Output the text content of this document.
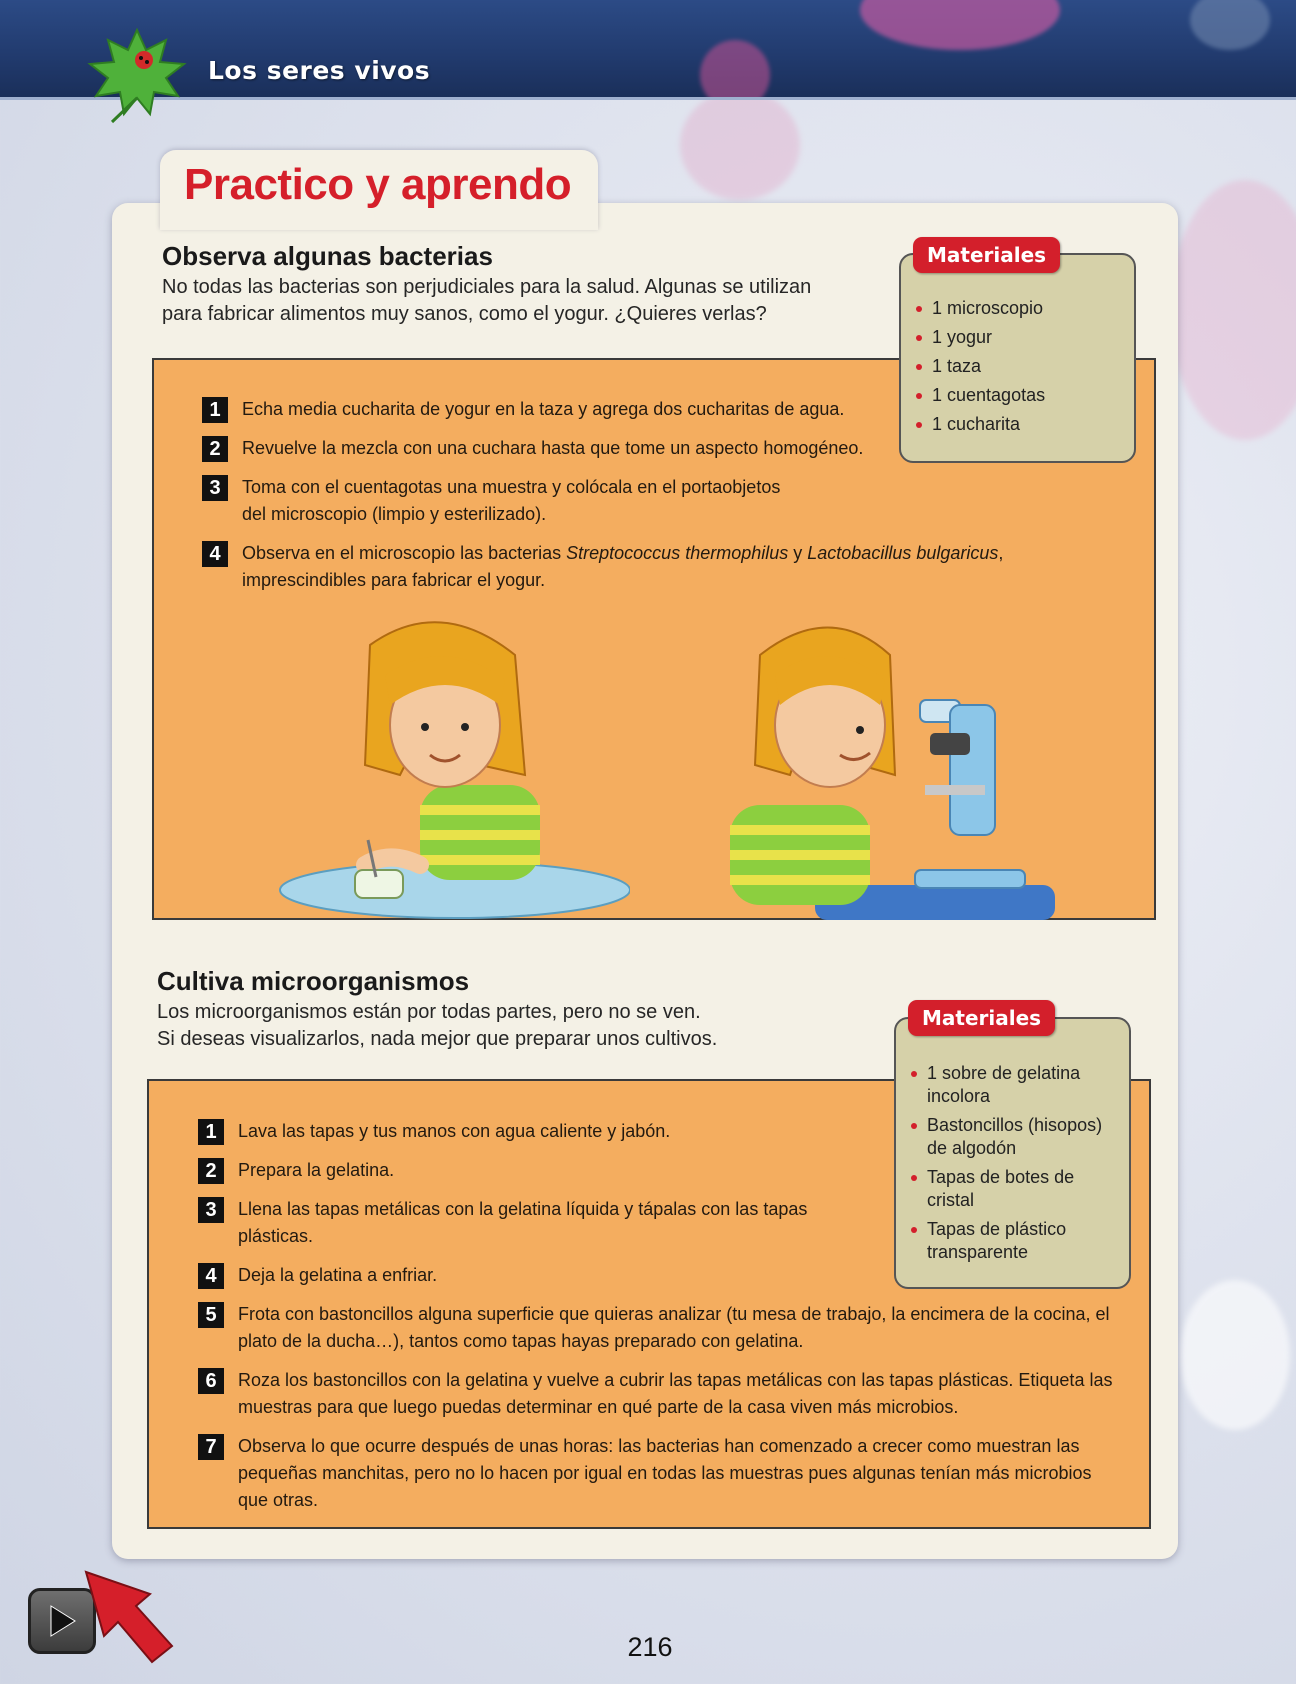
Los seres vivos
Practico y aprendo
Observa algunas bacterias
No todas las bacterias son perjudiciales para la salud. Algunas se utilizan
para fabricar alimentos muy sanos, como el yogur. ¿Quieres verlas?
1	Echa media cucharita de yogur en la taza y agrega dos cucharitas de agua.
2	Revuelve la mezcla con una cuchara hasta que tome un aspecto homogéneo.
3	Toma con el cuentagotas una muestra y colócala en el portaobjetos del microscopio (limpio y esterilizado).
4	Observa en el microscopio las bacterias Streptococcus thermophilus y Lactobacillus bulgaricus, imprescindibles para fabricar el yogur.
Materiales
1 microscopio
1 yogur
1 taza
1 cuentagotas
1 cucharita
Cultiva microorganismos
Los microorganismos están por todas partes, pero no se ven.
Si deseas visualizarlos, nada mejor que preparar unos cultivos.
1	Lava las tapas y tus manos con agua caliente y jabón.
2	Prepara la gelatina.
3	Llena las tapas metálicas con la gelatina líquida y tápalas con las tapas plásticas.
4	Deja la gelatina a enfriar.
5	Frota con bastoncillos alguna superficie que quieras analizar (tu mesa de trabajo, la encimera de la cocina, el plato de la ducha…), tantos como tapas hayas preparado con gelatina.
6	Roza los bastoncillos con la gelatina y vuelve a cubrir las tapas metálicas con las tapas plásticas. Etiqueta las muestras para que luego puedas determinar en qué parte de la casa viven más microbios.
7	Observa lo que ocurre después de unas horas: las bacterias han comenzado a crecer como muestran las pequeñas manchitas, pero no lo hacen por igual en todas las muestras pues algunas tenían más microbios que otras.
Materiales
1 sobre de gelatina incolora
Bastoncillos (hisopos) de algodón
Tapas de botes de cristal
Tapas de plástico transparente
216
